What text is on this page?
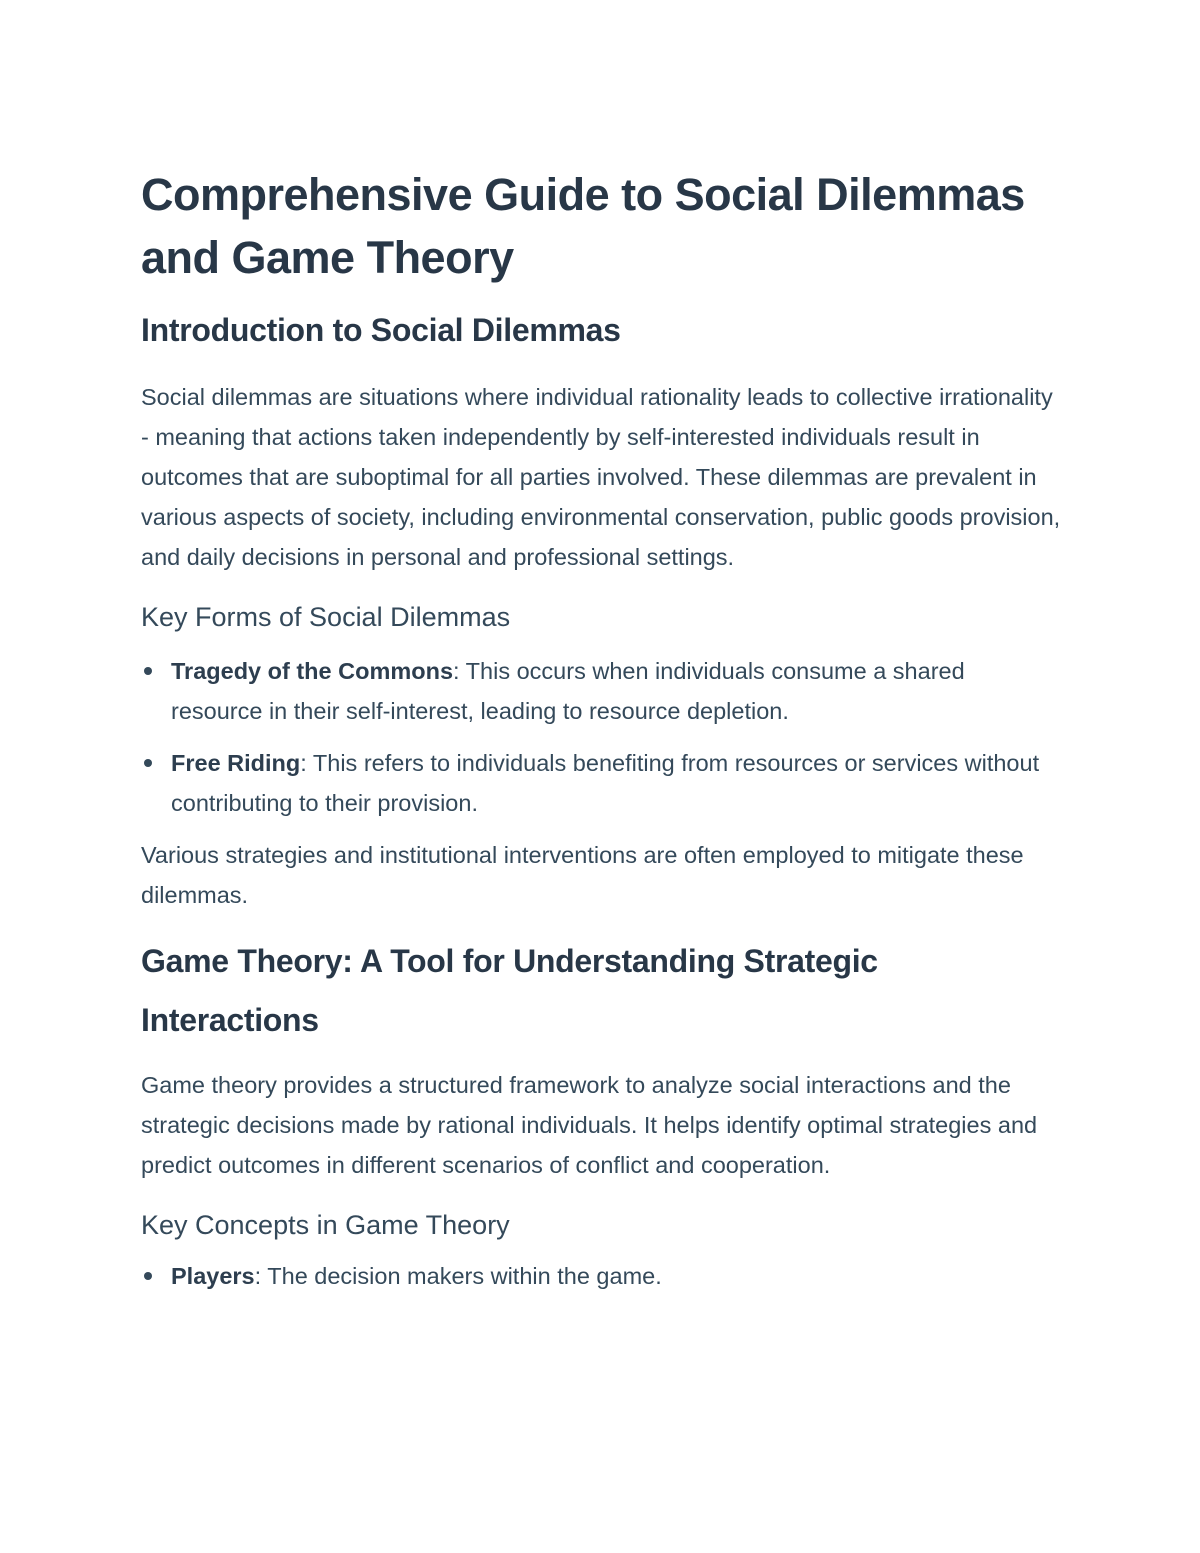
Comprehensive Guide to Social Dilemmas and Game Theory
Introduction to Social Dilemmas

Social dilemmas are situations where individual rationality leads to collective irrationality - meaning that actions taken independently by self-interested individuals result in outcomes that are suboptimal for all parties involved. These dilemmas are prevalent in various aspects of society, including environmental conservation, public goods provision, and daily decisions in personal and professional settings.

Key Forms of Social Dilemmas
Tragedy of the Commons: This occurs when individuals consume a shared resource in their self-interest, leading to resource depletion.
Free Riding: This refers to individuals benefiting from resources or services without contributing to their provision.

Various strategies and institutional interventions are often employed to mitigate these dilemmas.

Game Theory: A Tool for Understanding Strategic Interactions

Game theory provides a structured framework to analyze social interactions and the strategic decisions made by rational individuals. It helps identify optimal strategies and predict outcomes in different scenarios of conflict and cooperation.

Key Concepts in Game Theory
Players: The decision makers within the game.
